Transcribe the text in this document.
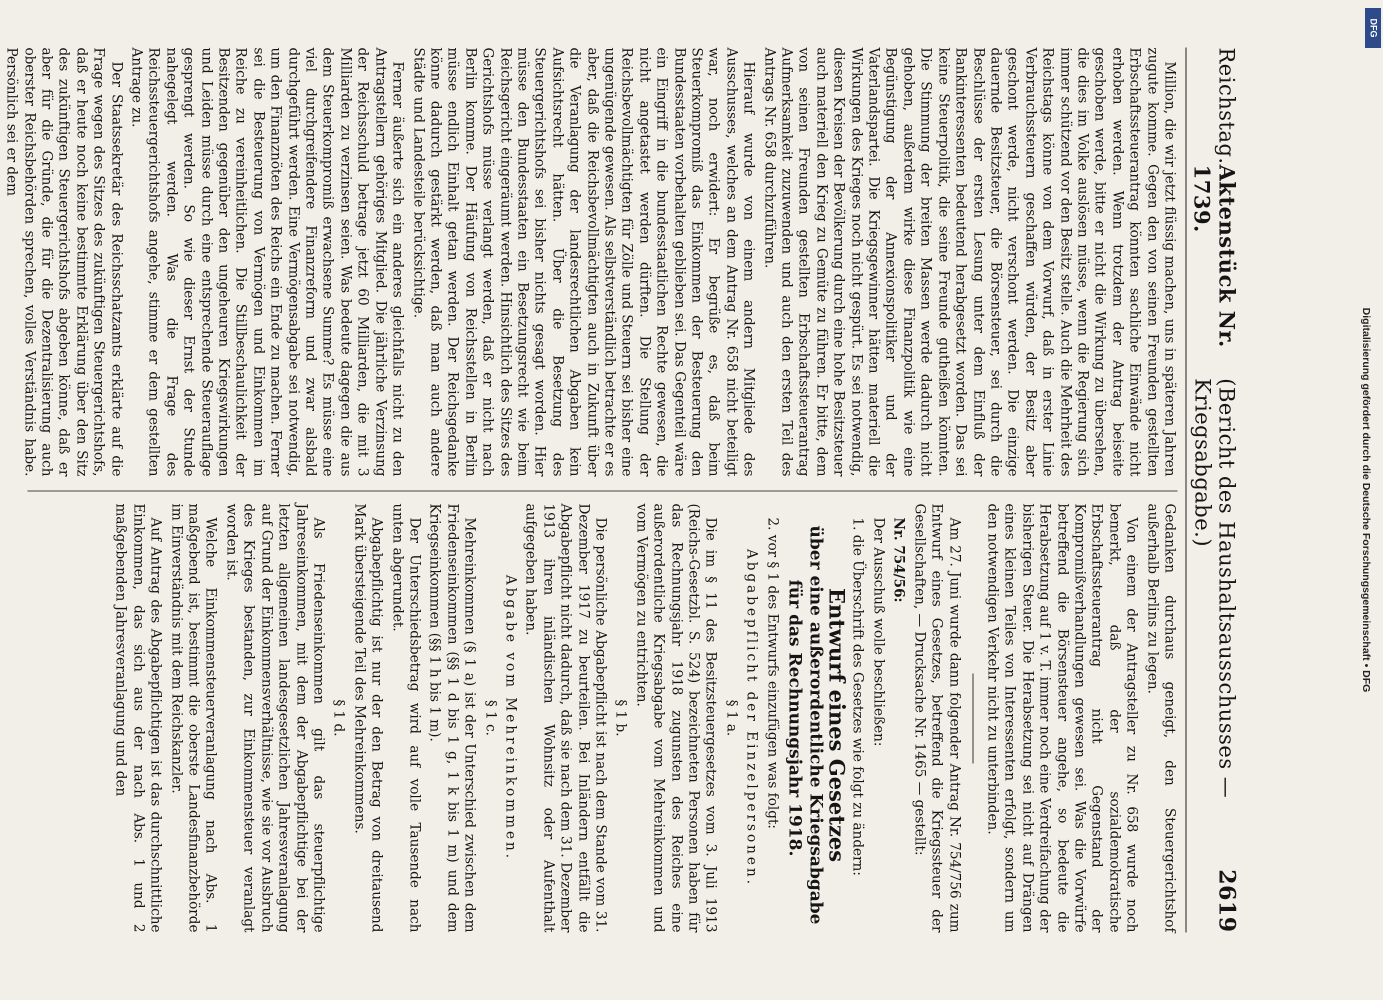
Reichstag.
Aktenstück Nr. 1739.
(Bericht des Haushaltsausschusses — Kriegsabgabe.)
2619

Million, die wir jetzt flüssig machen, uns in späteren Jahren zugute komme. Gegen den von seinen Freunden gestellten Erbschaftssteuerantrag könnten sachliche Einwände nicht erhoben werden. Wenn trotzdem der Antrag beiseite geschoben werde, bitte er nicht die Wirkung zu übersehen, die dies im Volke auslösen müsse, wenn die Regierung sich immer schützend vor den Besitz stelle. Auch die Mehrheit des Reichstags könne von dem Vorwurf, daß in erster Linie Verbrauchssteuern geschaffen würden, der Besitz aber geschont werde, nicht verschont werden. Die einzige dauernde Besitzsteuer, die Börsensteuer, sei durch die Beschlüsse der ersten Lesung unter dem Einfluß der Bankinteressenten bedeutend herabgesetzt worden. Das sei keine Steuerpolitik, die seine Freunde gutheißen könnten. Die Stimmung der breiten Massen werde dadurch nicht gehoben, außerdem wirke diese Finanzpolitik wie eine Begünstigung der Annexionspolitiker und der Vaterlandspartei. Die Kriegsgewinner hätten materiell die Wirkungen des Krieges noch nicht gespürt. Es sei notwendig, diesen Kreisen der Bevölkerung durch eine hohe Besitzsteuer auch materiell den Krieg zu Gemüte zu führen. Er bitte, dem von seinen Freunden gestellten Erbschaftssteuerantrag Aufmerksamkeit zuzuwenden und auch den ersten Teil des Antrags Nr. 658 durchzuführen.

Hierauf wurde von einem andern Mitgliede des Ausschusses, welches an dem Antrag Nr. 658 nicht beteiligt war, noch erwidert: Er begrüße es, daß beim Steuerkompromiß das Einkommen der Besteuerung den Bundesstaaten vorbehalten geblieben sei. Das Gegenteil wäre ein Eingriff in die bundesstaatlichen Rechte gewesen, die nicht angetastet werden dürften. Die Stellung der Reichsbevollmächtigten für Zölle und Steuern sei bisher eine ungenügende gewesen. Als selbstverständlich betrachte er es aber, daß die Reichsbevollmächtigten auch in Zukunft über die Veranlagung der landesrechtlichen Abgaben kein Aufsichtsrecht hätten. Über die Besetzung des Steuergerichtshofs sei bisher nichts gesagt worden. Hier müsse den Bundesstaaten ein Besetzungsrecht wie beim Reichsgericht eingeräumt werden. Hinsichtlich des Sitzes des Gerichtshofs müsse verlangt werden, daß er nicht nach Berlin komme. Der Häufung von Reichsstellen in Berlin müsse endlich Einhalt getan werden. Der Reichsgedanke könne dadurch gestärkt werden, daß man auch andere Städte und Landesteile berücksichtige.

Ferner äußerte sich ein anderes gleichfalls nicht zu den Antragstellern gehöriges Mitglied. Die jährliche Verzinsung der Reichsschuld betrage jetzt 60 Milliarden, die mit 3 Milliarden zu verzinsen seien. Was bedeute dagegen die aus dem Steuerkompromiß erwachsene Summe? Es müsse eine viel durchgreifendere Finanzreform und zwar alsbald durchgeführt werden. Eine Vermögensabgabe sei notwendig, um den Finanznöten des Reichs ein Ende zu machen. Ferner sei die Besteuerung von Vermögen und Einkommen im Reiche zu vereinheitlichen. Die Stillbeschaulichkeit der Besitzenden gegenüber den ungeheuren Kriegswirkungen und Leiden müsse durch eine entsprechende Steuerauflage gesprengt werden. So wie dieser Ernst der Stunde nahegelegt werden. Was die Frage des Reichssteuergerichtshofs angehe, stimme er dem gestellten Antrage zu.

Der Staatssekretär des Reichsschatzamts erklärte auf die Frage wegen des Sitzes des zukünftigen Steuergerichtshofs, daß er heute noch keine bestimmte Erklärung über den Sitz des zukünftigen Steuergerichtshofs abgeben könne, daß er aber für die Gründe, die für die Dezentralisierung auch oberster Reichsbehörden sprechen, volles Verständnis habe. Persönlich sei er dem

Gedanken durchaus geneigt, den Steuergerichtshof außerhalb Berlins zu legen.

Von einem der Antragsteller zu Nr. 658 wurde noch bemerkt, daß der sozialdemokratische Erbschaftssteuerantrag nicht Gegenstand der Kompromißverhandlungen gewesen sei. Was die Vorwürfe betreffend die Börsensteuer angehe, so bedeute die Herabsetzung auf 1 v. T. immer noch eine Verdreifachung der bisherigen Steuer. Die Herabsetzung sei nicht auf Drängen eines kleinen Teiles von Interessenten erfolgt, sondern um den notwendigen Verkehr nicht zu unterbinden.

Am 27. Juni wurde dann folgender Antrag Nr. 754/756 zum Entwurf eines Gesetzes, betreffend die Kriegssteuer der Gesellschaften, — Drucksache Nr. 1465 — gestellt:

Nr. 754/56:

Der Ausschuß wolle beschließen:

1. die Überschrift des Gesetzes wie folgt zu ändern:

Entwurf eines Gesetzes

über eine außerordentliche Kriegsabgabe für das Rechnungsjahr 1918.

2. vor § 1 des Entwurfs einzufügen was folgt:

Abgabepflicht der Einzelpersonen.

§ 1 a.

Die im § 11 des Besitzsteuergesetzes vom 3. Juli 1913 (Reichs-Gesetzbl. S. 524) bezeichneten Personen haben für das Rechnungsjahr 1918 zugunsten des Reiches eine außerordentliche Kriegsabgabe vom Mehreinkommen und vom Vermögen zu entrichten.

§ 1 b.

Die persönliche Abgabepflicht ist nach dem Stande vom 31. Dezember 1917 zu beurteilen. Bei Inländern entfällt die Abgabepflicht nicht dadurch, daß sie nach dem 31. Dezember 1913 ihren inländischen Wohnsitz oder Aufenthalt aufgegeben haben.

Abgabe vom Mehreinkommen.

§ 1 c.

Mehreinkommen (§ 1 a) ist der Unterschied zwischen dem Friedenseinkommen (§§ 1 d bis 1 g, 1 k bis 1 m) und dem Kriegseinkommen (§§ 1 h bis 1 m).

Der Unterschiedsbetrag wird auf volle Tausende nach unten abgerundet.

Abgabepflichtig ist nur der den Betrag von dreitausend Mark übersteigende Teil des Mehreinkommens.

§ 1 d.

Als Friedenseinkommen gilt das steuerpflichtige Jahreseinkommen, mit dem der Abgabepflichtige bei der letzten allgemeinen landesgesetzlichen Jahresveranlagung auf Grund der Einkommensverhältnisse, wie sie vor Ausbruch des Krieges bestanden, zur Einkommensteuer veranlagt worden ist.

Welche Einkommensteuerveranlagung nach Abs. 1 maßgebend ist, bestimmt die oberste Landesfinanzbehörde im Einverständnis mit dem Reichskanzler.

Auf Antrag des Abgabepflichtigen ist das durchschnittliche Einkommen, das sich aus der nach Abs. 1 und 2 maßgebenden Jahresveranlagung und den	Digitalisierung gefördert durch die Deutsche Forschungsgemeinschaft • DFG
DFG
